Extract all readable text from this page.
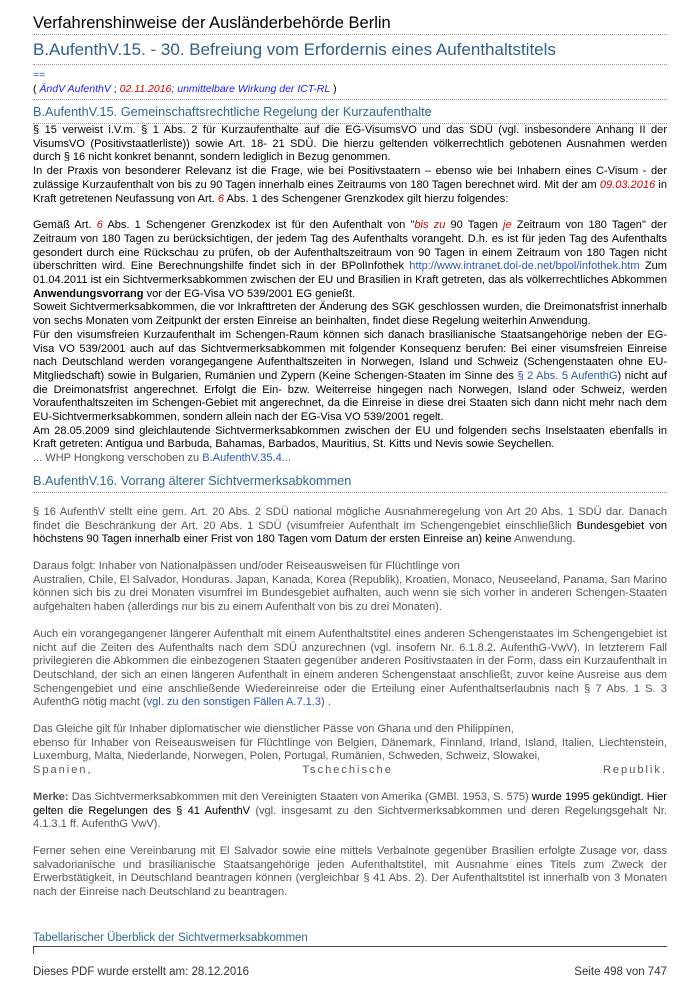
Verfahrenshinweise der Ausländerbehörde Berlin
B.AufenthV.15. - 30. Befreiung vom Erfordernis eines Aufenthaltstitels
==
( ÄndV AufenthV ; 02.11.2016; unmittelbare Wirkung der ICT-RL )
B.AufenthV.15. Gemeinschaftsrechtliche Regelung der Kurzaufenthalte

§ 15 verweist i.V.m. § 1 Abs. 2 für Kurzaufenthalte auf die EG-VisumsVO und das SDÜ (vgl. insbesondere Anhang II der VisumsVO (Positivstaatlerliste)) sowie Art. 18- 21 SDÜ. Die hierzu geltenden völkerrechtlich gebotenen Ausnahmen werden durch § 16 nicht konkret benannt, sondern lediglich in Bezug genommen.

In der Praxis von besonderer Relevanz ist die Frage, wie bei Positivstaatern – ebenso wie bei Inhabern eines C-Visum - der zulässige Kurzaufenthalt von bis zu 90 Tagen innerhalb eines Zeitraums von 180 Tagen berechnet wird. Mit der am 09.03.2016 in Kraft getretenen Neufassung von Art. 6 Abs. 1 des Schengener Grenzkodex gilt hierzu folgendes:

Gemäß Art. 6 Abs. 1 Schengener Grenzkodex ist für den Aufenthalt von "bis zu 90 Tagen je Zeitraum von 180 Tagen" der Zeitraum von 180 Tagen zu berücksichtigen, der jedem Tag des Aufenthalts vorangeht. D.h. es ist für jeden Tag des Aufenthalts gesondert durch eine Rückschau zu prüfen, ob der Aufenthaltszeitraum von 90 Tagen in einem Zeitraum von 180 Tagen nicht überschritten wird. Eine Berechnungshilfe findet sich in der BPolInfothek http://www.intranet.doi-de.net/bpol/infothek.htm Zum 01.04.2011 ist ein Sichtvermerksabkommen zwischen der EU und Brasilien in Kraft getreten, das als völkerrechtliches Abkommen Anwendungsvorrang vor der EG-Visa VO 539/2001 EG genießt.

Soweit Sichtvermerksabkommen, die vor Inkrafttreten der Änderung des SGK geschlossen wurden, die Dreimonatsfrist innerhalb von sechs Monaten vom Zeitpunkt der ersten Einreise an beinhalten, findet diese Regelung weiterhin Anwendung.

Für den visumsfreien Kurzaufenthalt im Schengen-Raum können sich danach brasilianische Staatsangehörige neben der EG-Visa VO 539/2001 auch auf das Sichtvermerksabkommen mit folgender Konsequenz berufen: Bei einer visumsfreien Einreise nach Deutschland werden vorangegangene Aufenthaltszeiten in Norwegen, Island und Schweiz (Schengenstaaten ohne EU-Mitgliedschaft) sowie in Bulgarien, Rumänien und Zypern (Keine Schengen-Staaten im Sinne des § 2 Abs. 5 AufenthG) nicht auf die Dreimonatsfrist angerechnet. Erfolgt die Ein- bzw. Weiterreise hingegen nach Norwegen, Island oder Schweiz, werden Voraufenthaltszeiten im Schengen-Gebiet mit angerechnet, da die Einreise in diese drei Staaten sich dann nicht mehr nach dem EU-Sichtvermerksabkommen, sondern allein nach der EG-Visa VO 539/2001 regelt.

Am 28.05.2009 sind gleichlautende Sichtvermerksabkommen zwischen der EU und folgenden sechs Inselstaaten ebenfalls in Kraft getreten: Antigua und Barbuda, Bahamas, Barbados, Mauritius, St. Kitts und Nevis sowie Seychellen.

... WHP Hongkong verschoben zu B.AufenthV.35.4...

B.AufenthV.16. Vorrang älterer Sichtvermerksabkommen

§ 16 AufenthV stellt eine gem. Art. 20 Abs. 2 SDÜ national mögliche Ausnahmeregelung von Art 20 Abs. 1 SDÜ dar. Danach findet die Beschränkung der Art. 20 Abs. 1 SDÜ (visumfreier Aufenthalt im Schengengebiet einschließlich Bundesgebiet von höchstens 90 Tagen innerhalb einer Frist von 180 Tagen vom Datum der ersten Einreise an) keine Anwendung.

Daraus folgt: Inhaber von Nationalpässen und/oder Reiseausweisen für Flüchtlinge von

Australien, Chile, El Salvador, Honduras. Japan, Kanada, Korea (Republik), Kroatien, Monaco, Neuseeland, Panama, San Marino können sich bis zu drei Monaten visumfrei im Bundesgebiet aufhalten, auch wenn sie sich vorher in anderen Schengen-Staaten aufgehalten haben (allerdings nur bis zu einem Aufenthalt von bis zu drei Monaten).

Auch ein vorangegangener längerer Aufenthalt mit einem Aufenthaltstitel eines anderen Schengenstaates im Schengengebiet ist nicht auf die Zeiten des Aufenthalts nach dem SDÜ anzurechnen (vgl. insofern Nr. 6.1.8.2. AufenthG-VwV). In letzterem Fall privilegieren die Abkommen die einbezogenen Staaten gegenüber anderen Positivstaaten in der Form, dass ein Kurzaufenthalt in Deutschland, der sich an einen längeren Aufenthalt in einem anderen Schengenstaat anschließt, zuvor keine Ausreise aus dem Schengengebiet und eine anschließende Wiedereinreise oder die Erteilung einer Aufenthaltserlaubnis nach § 7 Abs. 1 S. 3 AufenthG nötig macht (vgl. zu den sonstigen Fällen A.7.1.3) .

Das Gleiche gilt für Inhaber diplomatischer wie dienstlicher Pässe von Ghana und den Philippinen,

ebenso für Inhaber von Reiseausweisen für Flüchtlinge von Belgien, Dänemark, Finnland, Irland, Island, Italien, Liechtenstein, Luxemburg, Malta, Niederlande, Norwegen, Polen, Portugal, Rumänien, Schweden, Schweiz, Slowakei,

Spanien, Tschechische Republik.

Merke: Das Sichtvermerksabkommen mit den Vereinigten Staaten von Amerika (GMBl. 1953, S. 575) wurde 1995 gekündigt. Hier gelten die Regelungen des § 41 AufenthV (vgl. insgesamt zu den Sichtvermerksabkommen und deren Regelungsgehalt Nr. 4.1.3.1 ff. AufenthG VwV).

Ferner sehen eine Vereinbarung mit El Salvador sowie eine mittels Verbalnote gegenüber Brasilien erfolgte Zusage vor, dass salvadorianische und brasilianische Staatsangehörige jeden Aufenthaltstitel, mit Ausnahme eines Titels zum Zweck der Erwerbstätigkeit, in Deutschland beantragen können (vergleichbar § 41 Abs. 2). Der Aufenthaltstitel ist innerhalb von 3 Monaten nach der Einreise nach Deutschland zu beantragen.

Tabellarischer Überblick der Sichtvermerksabkommen
Dieses PDF wurde erstellt am: 28.12.2016	Seite 498 von 747
